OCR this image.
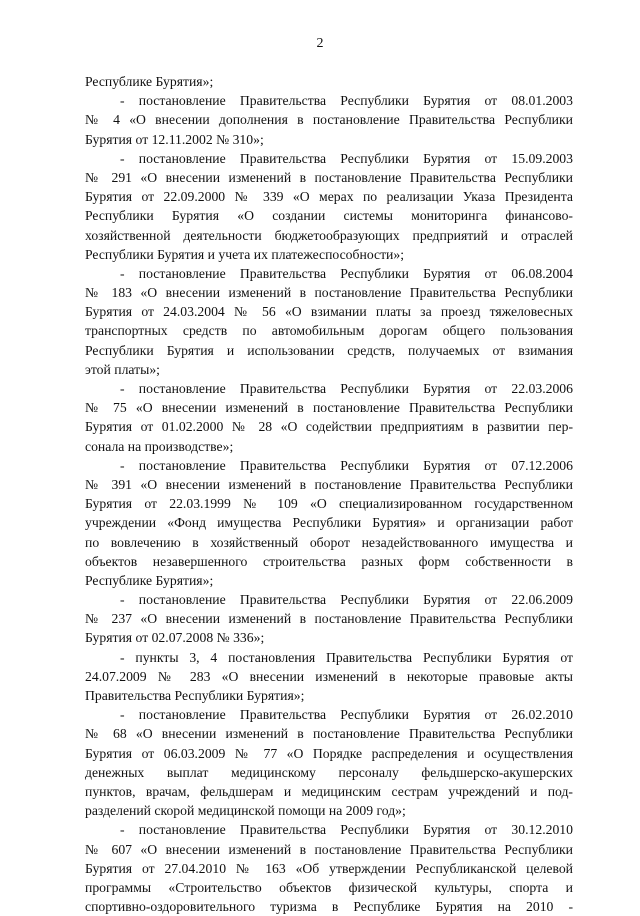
2
Республике Бурятия»;
- постановление Правительства Республики Бурятия от 08.01.2003
№ 4 «О внесении дополнения в постановление Правительства Республики
Бурятия от 12.11.2002 № 310»;
- постановление Правительства Республики Бурятия от 15.09.2003
№ 291 «О внесении изменений в постановление Правительства Республики
Бурятия от 22.09.2000 № 339 «О мерах по реализации Указа Президента
Республики Бурятия «О создании системы мониторинга финансово-
хозяйственной деятельности бюджетообразующих предприятий и отраслей
Республики Бурятия и учета их платежеспособности»;
- постановление Правительства Республики Бурятия от 06.08.2004
№ 183 «О внесении изменений в постановление Правительства Республики
Бурятия от 24.03.2004 № 56 «О взимании платы за проезд тяжеловесных
транспортных средств по автомобильным дорогам общего пользования
Республики Бурятия и использовании средств, получаемых от взимания
этой платы»;
- постановление Правительства Республики Бурятия от 22.03.2006
№ 75 «О внесении изменений в постановление Правительства Республики
Бурятия от 01.02.2000 № 28 «О содействии предприятиям в развитии пер-
сонала на производстве»;
- постановление Правительства Республики Бурятия от 07.12.2006
№ 391 «О внесении изменений в постановление Правительства Республики
Бурятия от 22.03.1999 № 109 «О специализированном государственном
учреждении «Фонд имущества Республики Бурятия» и организации работ
по вовлечению в хозяйственный оборот незадействованного имущества и
объектов незавершенного строительства разных форм собственности в
Республике Бурятия»;
- постановление Правительства Республики Бурятия от 22.06.2009
№ 237 «О внесении изменений в постановление Правительства Республики
Бурятия от 02.07.2008 № 336»;
- пункты 3, 4 постановления Правительства Республики Бурятия от
24.07.2009 № 283 «О внесении изменений в некоторые правовые акты
Правительства Республики Бурятия»;
- постановление Правительства Республики Бурятия от 26.02.2010
№ 68 «О внесении изменений в постановление Правительства Республики
Бурятия от 06.03.2009 № 77 «О Порядке распределения и осуществления
денежных выплат медицинскому персоналу фельдшерско-акушерских
пунктов, врачам, фельдшерам и медицинским сестрам учреждений и под-
разделений скорой медицинской помощи на 2009 год»;
- постановление Правительства Республики Бурятия от 30.12.2010
№ 607 «О внесении изменений в постановление Правительства Республики
Бурятия от 27.04.2010 № 163 «Об утверждении Республиканской целевой
программы «Строительство объектов физической культуры, спорта и
спортивно-оздоровительного туризма в Республике Бурятия на 2010 -
